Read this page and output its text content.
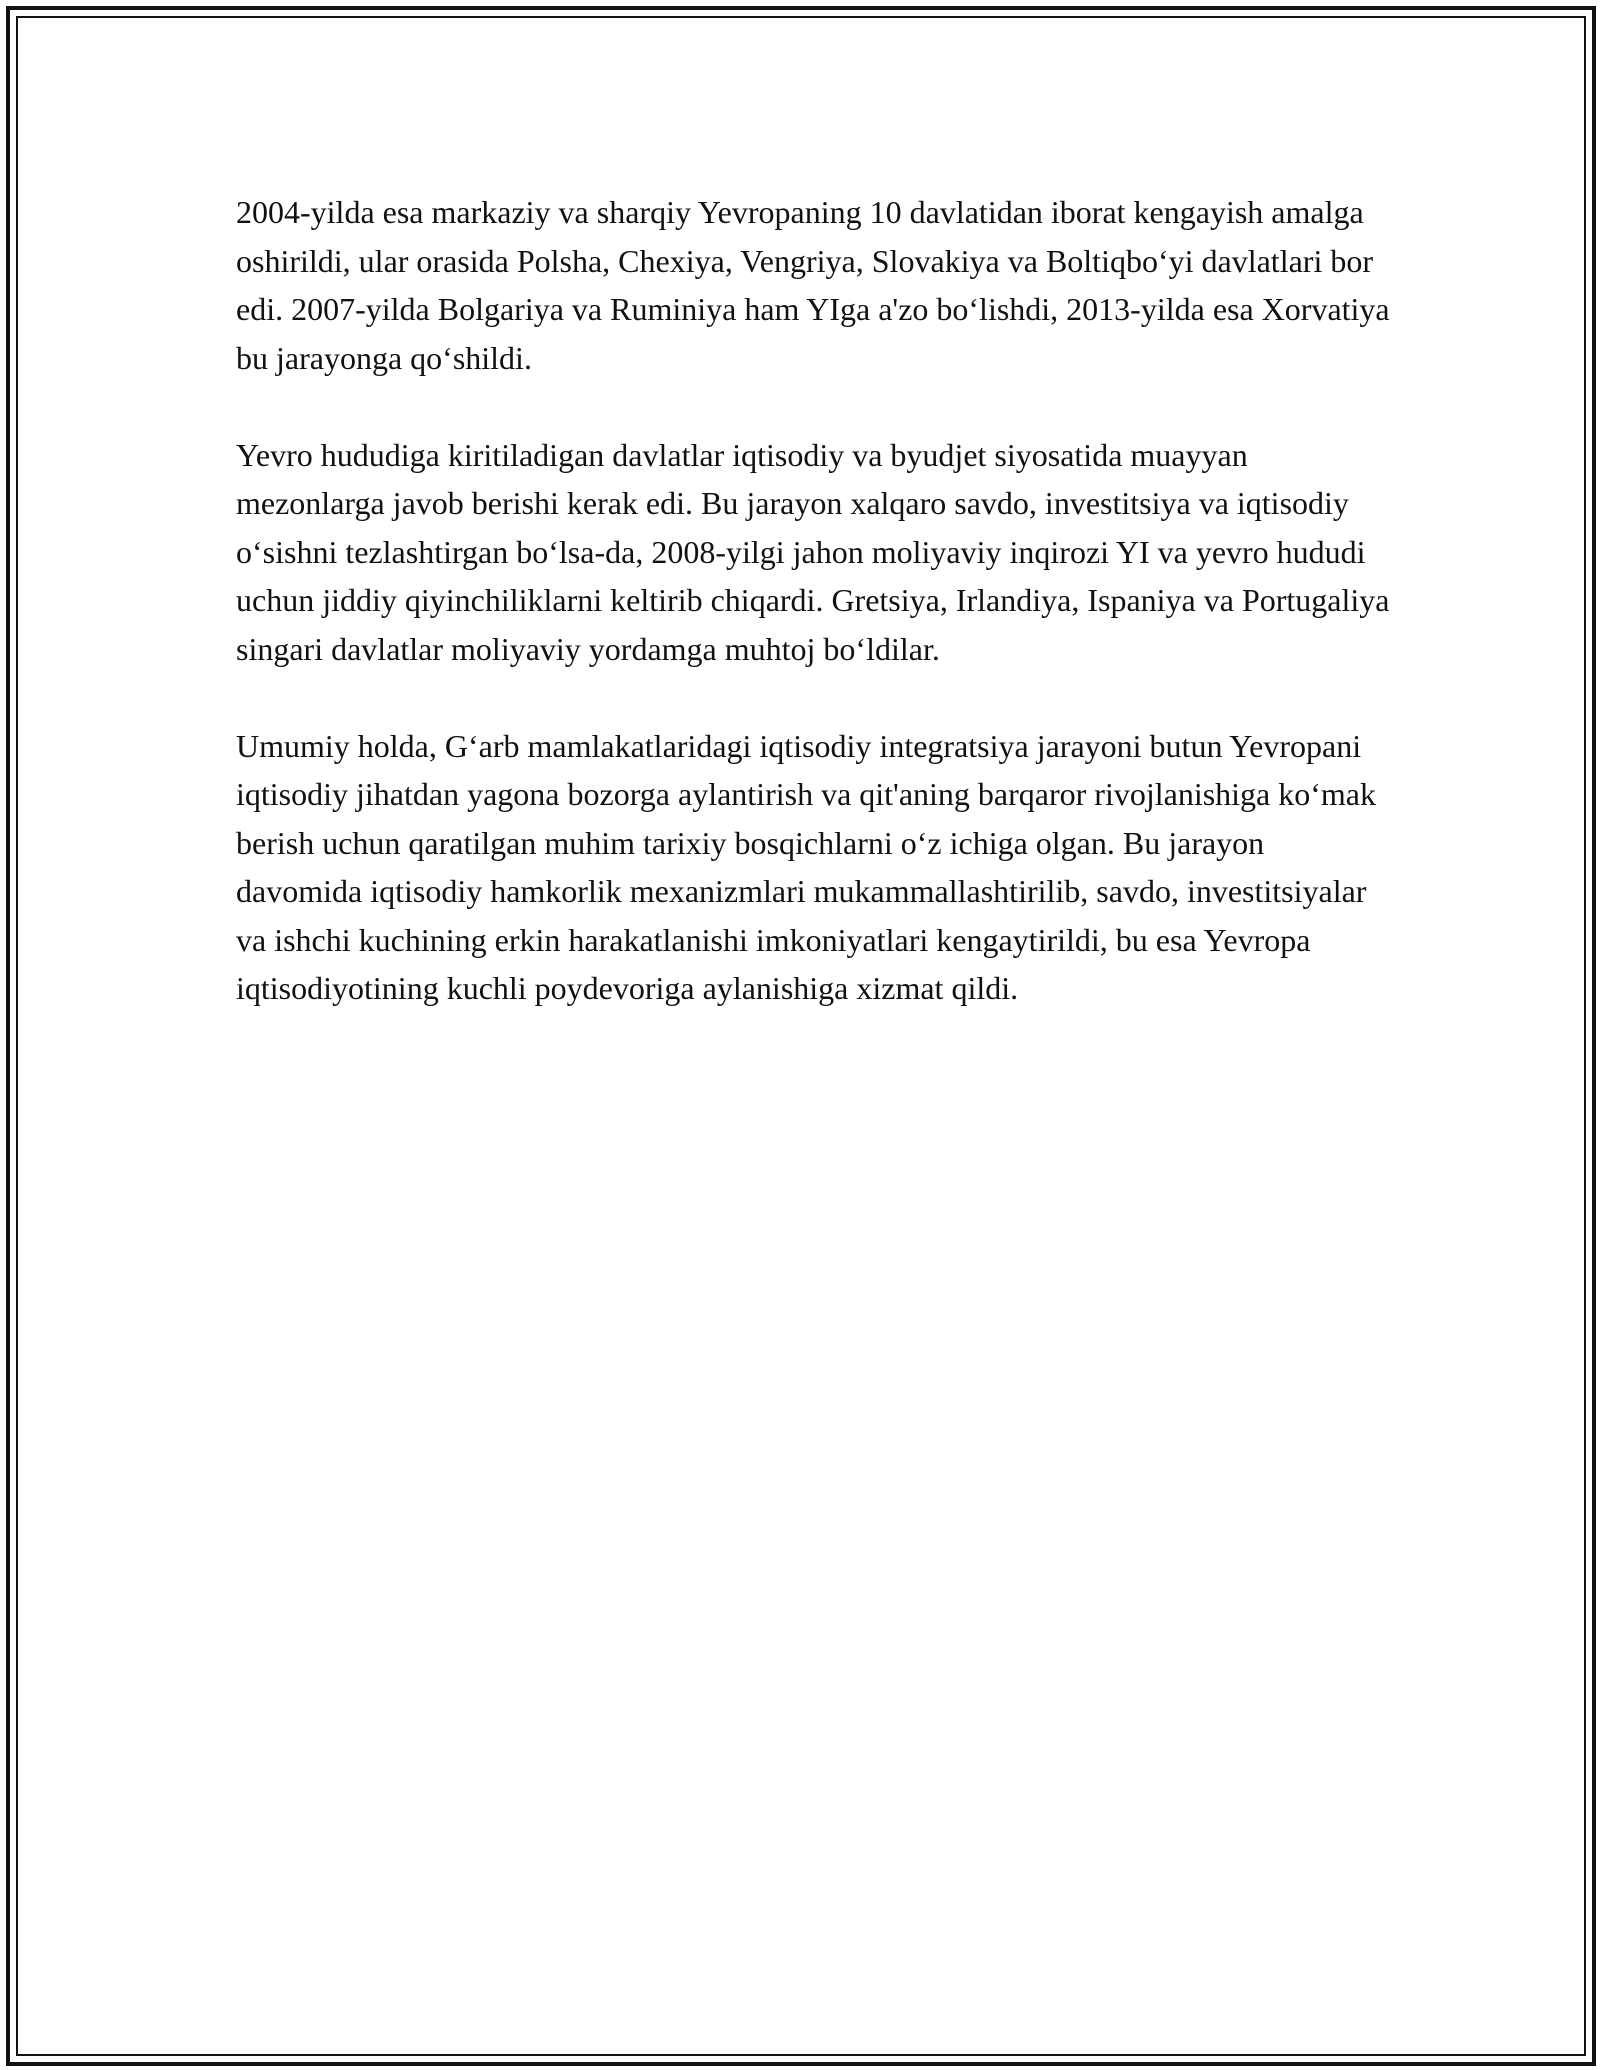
2004-yilda esa markaziy va sharqiy Yevropaning 10 davlatidan iborat kengayish amalga oshirildi, ular orasida Polsha, Chexiya, Vengriya, Slovakiya va Boltiqbo‘yi davlatlari bor edi. 2007-yilda Bolgariya va Ruminiya ham YIga a'zo bo‘lishdi, 2013-yilda esa Xorvatiya bu jarayonga qo‘shildi.

Yevro hududiga kiritiladigan davlatlar iqtisodiy va byudjet siyosatida muayyan mezonlarga javob berishi kerak edi. Bu jarayon xalqaro savdo, investitsiya va iqtisodiy o‘sishni tezlashtirgan bo‘lsa-da, 2008-yilgi jahon moliyaviy inqirozi YI va yevro hududi uchun jiddiy qiyinchiliklarni keltirib chiqardi. Gretsiya, Irlandiya, Ispaniya va Portugaliya singari davlatlar moliyaviy yordamga muhtoj bo‘ldilar.

Umumiy holda, G‘arb mamlakatlaridagi iqtisodiy integratsiya jarayoni butun Yevropani iqtisodiy jihatdan yagona bozorga aylantirish va qit'aning barqaror rivojlanishiga ko‘mak berish uchun qaratilgan muhim tarixiy bosqichlarni o‘z ichiga olgan. Bu jarayon davomida iqtisodiy hamkorlik mexanizmlari mukammallashtirilib, savdo, investitsiyalar va ishchi kuchining erkin harakatlanishi imkoniyatlari kengaytirildi, bu esa Yevropa iqtisodiyotining kuchli poydevoriga aylanishiga xizmat qildi.
